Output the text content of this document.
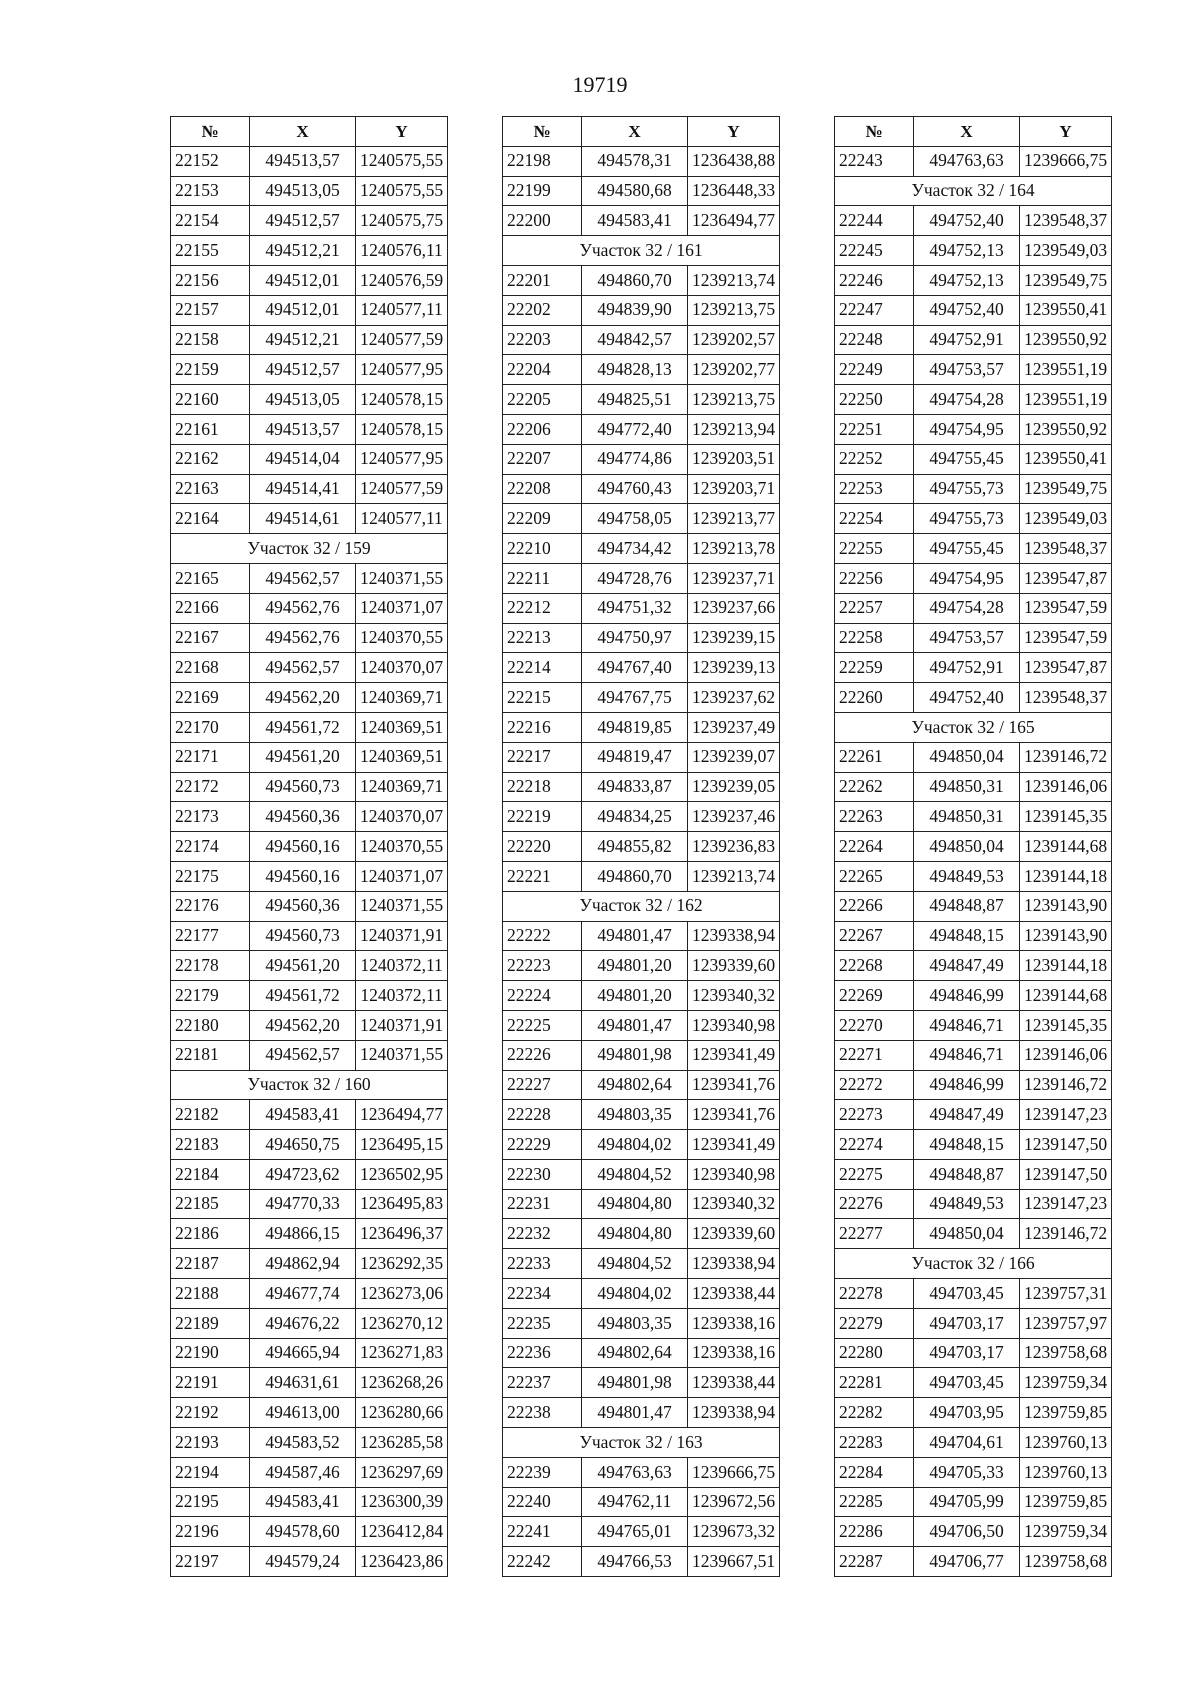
19719
№	X	Y
22152	494513,57	1240575,55
22153	494513,05	1240575,55
22154	494512,57	1240575,75
22155	494512,21	1240576,11
22156	494512,01	1240576,59
22157	494512,01	1240577,11
22158	494512,21	1240577,59
22159	494512,57	1240577,95
22160	494513,05	1240578,15
22161	494513,57	1240578,15
22162	494514,04	1240577,95
22163	494514,41	1240577,59
22164	494514,61	1240577,11
Участок 32 / 159		
22165	494562,57	1240371,55
22166	494562,76	1240371,07
22167	494562,76	1240370,55
22168	494562,57	1240370,07
22169	494562,20	1240369,71
22170	494561,72	1240369,51
22171	494561,20	1240369,51
22172	494560,73	1240369,71
22173	494560,36	1240370,07
22174	494560,16	1240370,55
22175	494560,16	1240371,07
22176	494560,36	1240371,55
22177	494560,73	1240371,91
22178	494561,20	1240372,11
22179	494561,72	1240372,11
22180	494562,20	1240371,91
22181	494562,57	1240371,55
Участок 32 / 160		
22182	494583,41	1236494,77
22183	494650,75	1236495,15
22184	494723,62	1236502,95
22185	494770,33	1236495,83
22186	494866,15	1236496,37
22187	494862,94	1236292,35
22188	494677,74	1236273,06
22189	494676,22	1236270,12
22190	494665,94	1236271,83
22191	494631,61	1236268,26
22192	494613,00	1236280,66
22193	494583,52	1236285,58
22194	494587,46	1236297,69
22195	494583,41	1236300,39
22196	494578,60	1236412,84
22197	494579,24	1236423,86
№	X	Y
22198	494578,31	1236438,88
22199	494580,68	1236448,33
22200	494583,41	1236494,77
Участок 32 / 161		
22201	494860,70	1239213,74
22202	494839,90	1239213,75
22203	494842,57	1239202,57
22204	494828,13	1239202,77
22205	494825,51	1239213,75
22206	494772,40	1239213,94
22207	494774,86	1239203,51
22208	494760,43	1239203,71
22209	494758,05	1239213,77
22210	494734,42	1239213,78
22211	494728,76	1239237,71
22212	494751,32	1239237,66
22213	494750,97	1239239,15
22214	494767,40	1239239,13
22215	494767,75	1239237,62
22216	494819,85	1239237,49
22217	494819,47	1239239,07
22218	494833,87	1239239,05
22219	494834,25	1239237,46
22220	494855,82	1239236,83
22221	494860,70	1239213,74
Участок 32 / 162		
22222	494801,47	1239338,94
22223	494801,20	1239339,60
22224	494801,20	1239340,32
22225	494801,47	1239340,98
22226	494801,98	1239341,49
22227	494802,64	1239341,76
22228	494803,35	1239341,76
22229	494804,02	1239341,49
22230	494804,52	1239340,98
22231	494804,80	1239340,32
22232	494804,80	1239339,60
22233	494804,52	1239338,94
22234	494804,02	1239338,44
22235	494803,35	1239338,16
22236	494802,64	1239338,16
22237	494801,98	1239338,44
22238	494801,47	1239338,94
Участок 32 / 163		
22239	494763,63	1239666,75
22240	494762,11	1239672,56
22241	494765,01	1239673,32
22242	494766,53	1239667,51
№	X	Y
22243	494763,63	1239666,75
Участок 32 / 164		
22244	494752,40	1239548,37
22245	494752,13	1239549,03
22246	494752,13	1239549,75
22247	494752,40	1239550,41
22248	494752,91	1239550,92
22249	494753,57	1239551,19
22250	494754,28	1239551,19
22251	494754,95	1239550,92
22252	494755,45	1239550,41
22253	494755,73	1239549,75
22254	494755,73	1239549,03
22255	494755,45	1239548,37
22256	494754,95	1239547,87
22257	494754,28	1239547,59
22258	494753,57	1239547,59
22259	494752,91	1239547,87
22260	494752,40	1239548,37
Участок 32 / 165		
22261	494850,04	1239146,72
22262	494850,31	1239146,06
22263	494850,31	1239145,35
22264	494850,04	1239144,68
22265	494849,53	1239144,18
22266	494848,87	1239143,90
22267	494848,15	1239143,90
22268	494847,49	1239144,18
22269	494846,99	1239144,68
22270	494846,71	1239145,35
22271	494846,71	1239146,06
22272	494846,99	1239146,72
22273	494847,49	1239147,23
22274	494848,15	1239147,50
22275	494848,87	1239147,50
22276	494849,53	1239147,23
22277	494850,04	1239146,72
Участок 32 / 166		
22278	494703,45	1239757,31
22279	494703,17	1239757,97
22280	494703,17	1239758,68
22281	494703,45	1239759,34
22282	494703,95	1239759,85
22283	494704,61	1239760,13
22284	494705,33	1239760,13
22285	494705,99	1239759,85
22286	494706,50	1239759,34
22287	494706,77	1239758,68
